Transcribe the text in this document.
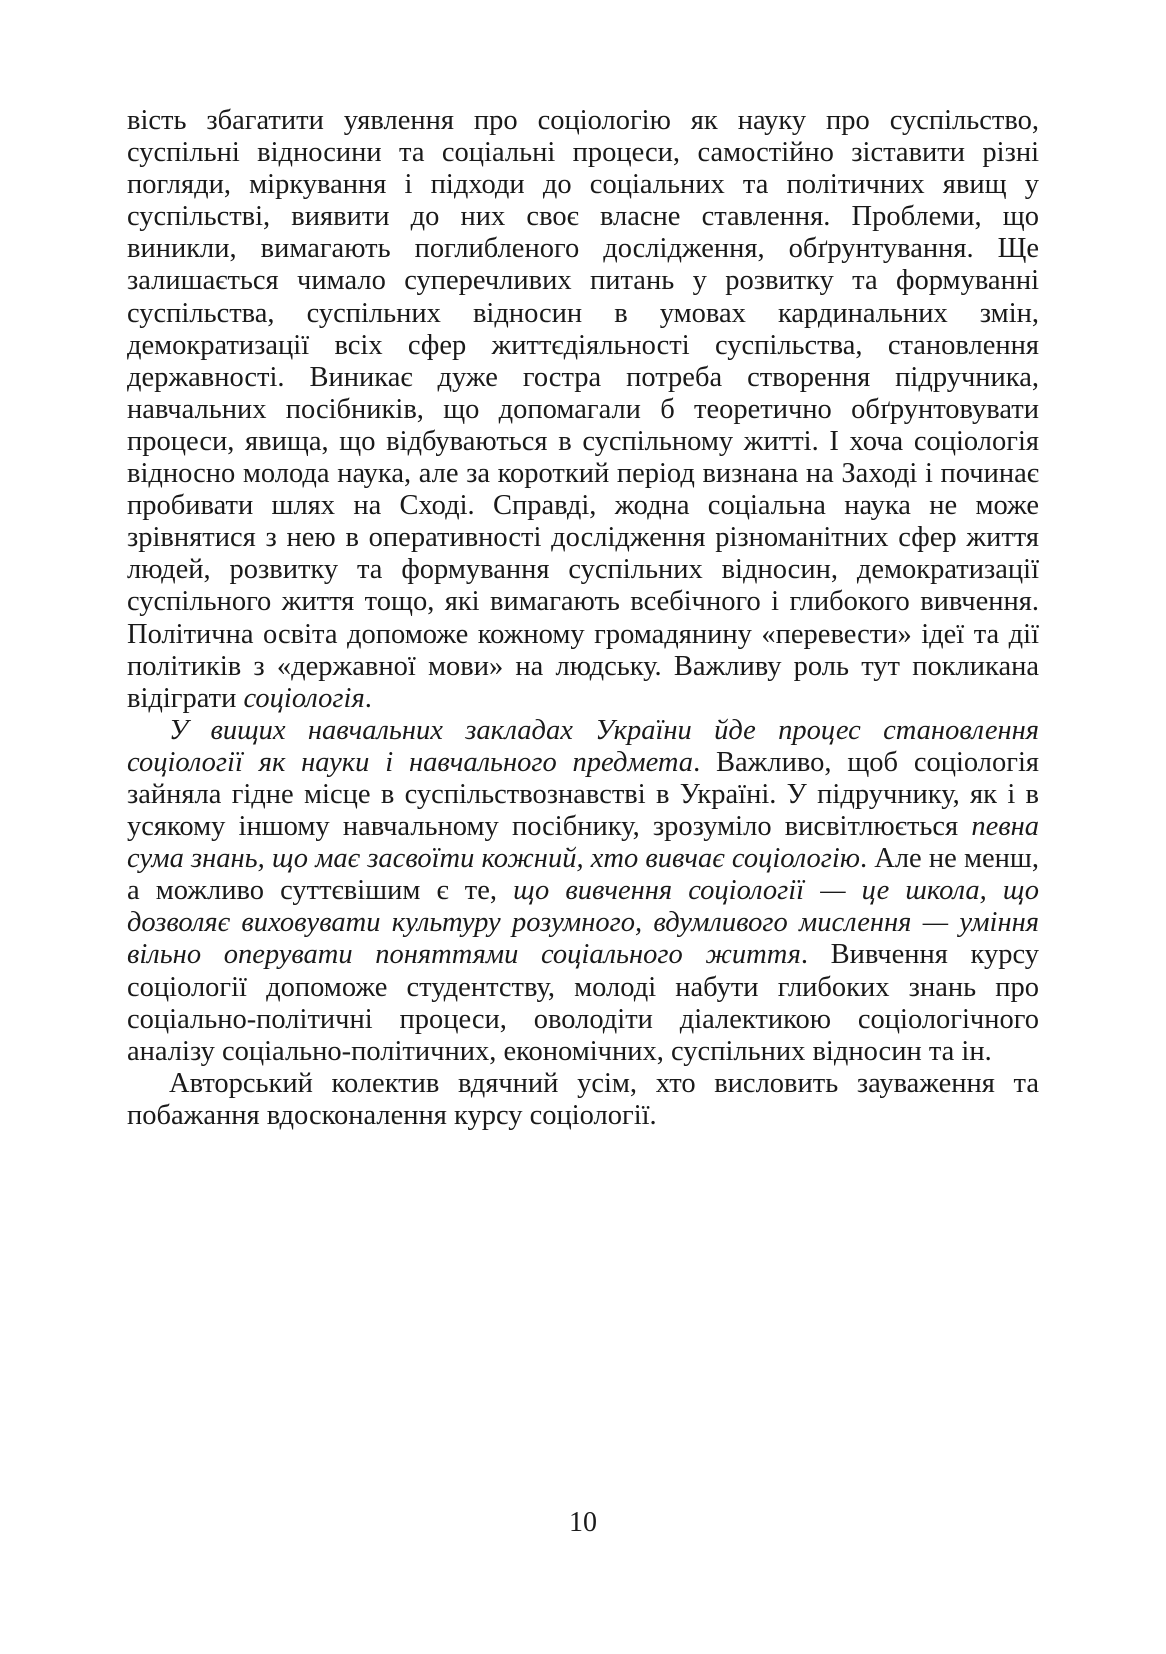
вість збагатити уявлення про соціологію як науку про суспільство, суспільні відносини та соціальні процеси, самостійно зіставити різні погляди, міркування і підходи до соціальних та політичних явищ у суспільстві, виявити до них своє власне ставлення. Проблеми, що виникли, вимагають поглибленого дослідження, обґрунтування. Ще залишається чимало суперечливих питань у розвитку та формуванні суспільства, суспільних відносин в умовах кардинальних змін, демократизації всіх сфер життєдіяльності суспільства, становлення державності. Виникає дуже гостра потреба створення підручника, навчальних посібників, що допомагали б теоретично обґрунтовувати процеси, явища, що відбуваються в суспільному житті. І хоча соціологія відносно молода наука, але за короткий період визнана на Заході і починає пробивати шлях на Сході. Справді, жодна соціальна наука не може зрівнятися з нею в оперативності дослідження різноманітних сфер життя людей, розвитку та формування суспільних відносин, демократизації суспільного життя тощо, які вимагають всебічного і глибокого вивчення. Політична освіта допоможе кожному громадянину «перевести» ідеї та дії політиків з «державної мови» на людську. Важливу роль тут покликана відіграти соціологія.

У вищих навчальних закладах України йде процес становлення соціології як науки і навчального предмета. Важливо, щоб соціологія зайняла гідне місце в суспільствознавстві в Україні. У підручнику, як і в усякому іншому навчальному посібнику, зрозуміло висвітлюється певна сума знань, що має засвоїти кожний, хто вивчає соціологію. Але не менш, а можливо суттєвішим є те, що вивчення соціології — це школа, що дозволяє виховувати культуру розумного, вдумливого мислення — уміння вільно оперувати поняттями соціального життя. Вивчення курсу соціології допоможе студентству, молоді набути глибоких знань про соціально-політичні процеси, оволодіти діалектикою соціологічного аналізу соціально-політичних, економічних, суспільних відносин та ін.

Авторський колектив вдячний усім, хто висловить зауваження та побажання вдосконалення курсу соціології.

10
